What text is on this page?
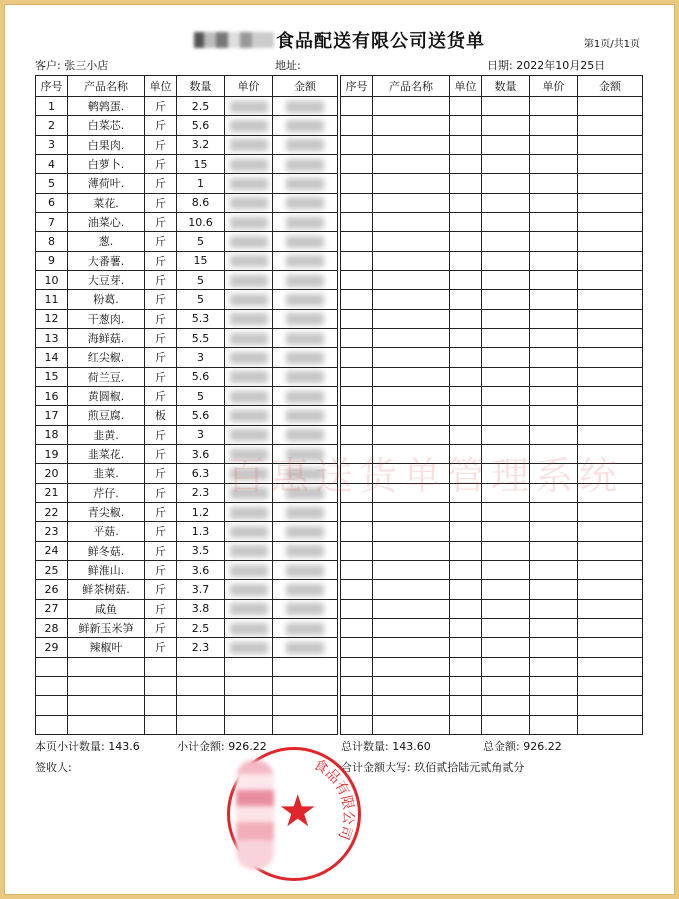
食品配送有限公司送货单	第1页/共1页
客户: 张三小店	地址:	日期: 2022年10月25日
序号	产品名称	单位	数量	单价	金额
1	鹌鹑蛋.	斤	2.5		
2	白菜芯.	斤	5.6		
3	白果肉.	斤	3.2		
4	白萝卜.	斤	15		
5	薄荷叶.	斤	1		
6	菜花.	斤	8.6		
7	油菜心.	斤	10.6		
8	葱.	斤	5		
9	大番薯.	斤	15		
10	大豆芽.	斤	5		
11	粉葛.	斤	5		
12	干葱肉.	斤	5.3		
13	海鲜菇.	斤	5.5		
14	红尖椒.	斤	3		
15	荷兰豆.	斤	5.6		
16	黄圆椒.	斤	5		
17	煎豆腐.	板	5.6		
18	韭黄.	斤	3		
19	韭菜花.	斤	3.6		
20	韭菜.	斤	6.3		
21	芹仔.	斤	2.3		
22	青尖椒.	斤	1.2		
23	平菇.	斤	1.3		
24	鲜冬菇.	斤	3.5		
25	鲜淮山.	斤	3.6		
26	鲜茶树菇.	斤	3.7		
27	咸鱼	斤	3.8		
28	鲜新玉米笋	斤	2.5		
29	辣椒叶	斤	2.3		

序号	产品名称	单位	数量	单价	金额

百惠送货单管理系统
本页小计数量: 143.6	小计金额: 926.22	总计数量: 143.60	总金额: 926.22
签收人:	合计金额大写: 玖佰贰拾陆元贰角贰分
食品有限公司
★
